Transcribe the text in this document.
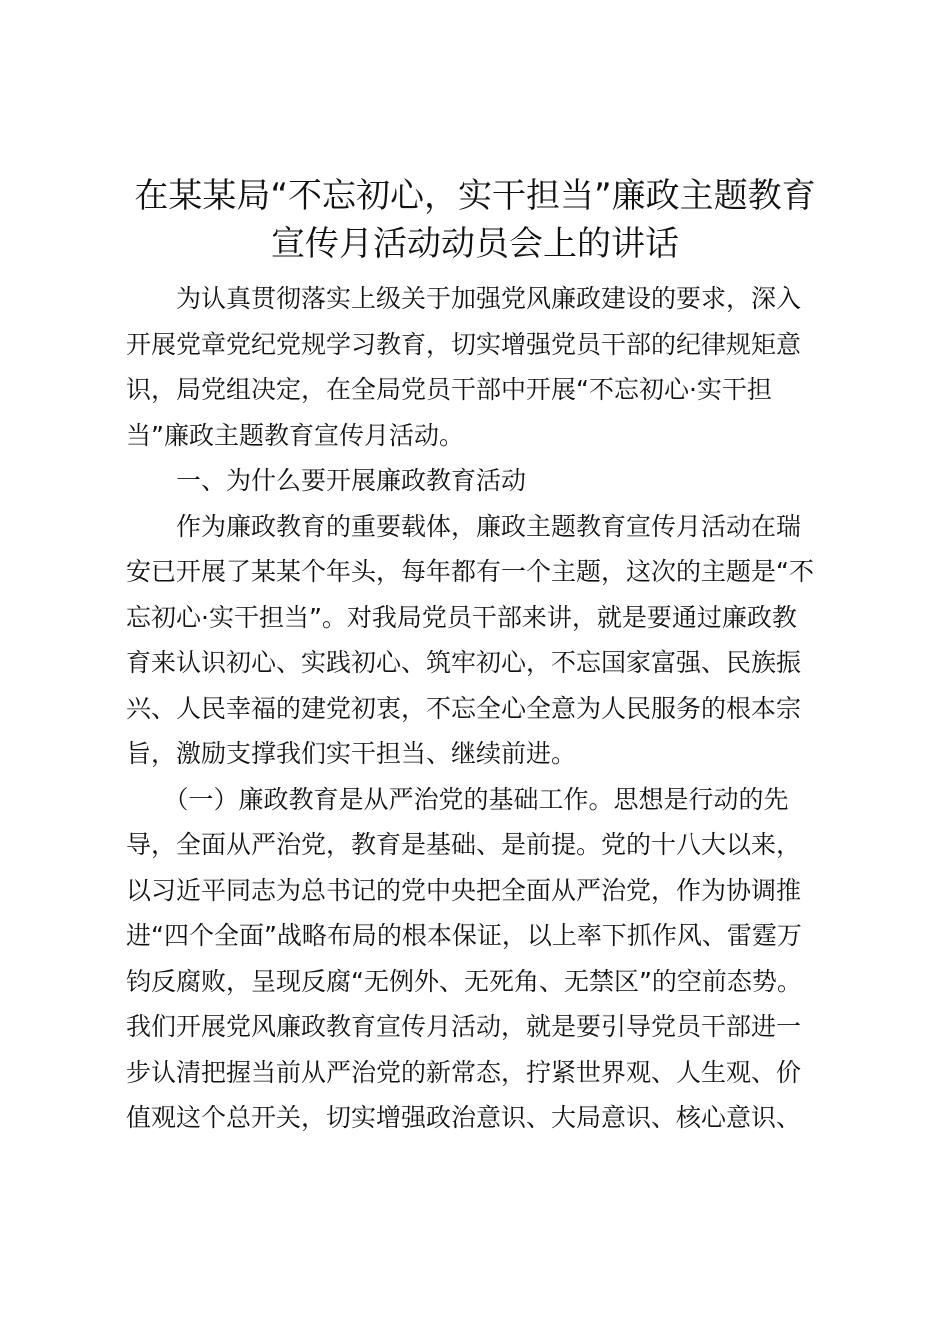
在某某局“不忘初心，实干担当”廉政主题教育
宣传月活动动员会上的讲话
　　为认真贯彻落实上级关于加强党风廉政建设的要求，深入
开展党章党纪党规学习教育，切实增强党员干部的纪律规矩意
识，局党组决定，在全局党员干部中开展“不忘初心·实干担
当”廉政主题教育宣传月活动。
　　一、为什么要开展廉政教育活动
　　作为廉政教育的重要载体，廉政主题教育宣传月活动在瑞
安已开展了某某个年头，每年都有一个主题，这次的主题是“不
忘初心·实干担当”。对我局党员干部来讲，就是要通过廉政教
育来认识初心、实践初心、筑牢初心，不忘国家富强、民族振
兴、人民幸福的建党初衷，不忘全心全意为人民服务的根本宗
旨，激励支撑我们实干担当、继续前进。
　　（一）廉政教育是从严治党的基础工作。思想是行动的先
导，全面从严治党，教育是基础、是前提。党的十八大以来，
以习近平同志为总书记的党中央把全面从严治党，作为协调推
进“四个全面”战略布局的根本保证，以上率下抓作风、雷霆万
钧反腐败，呈现反腐“无例外、无死角、无禁区”的空前态势。
我们开展党风廉政教育宣传月活动，就是要引导党员干部进一
步认清把握当前从严治党的新常态，拧紧世界观、人生观、价
值观这个总开关，切实增强政治意识、大局意识、核心意识、
